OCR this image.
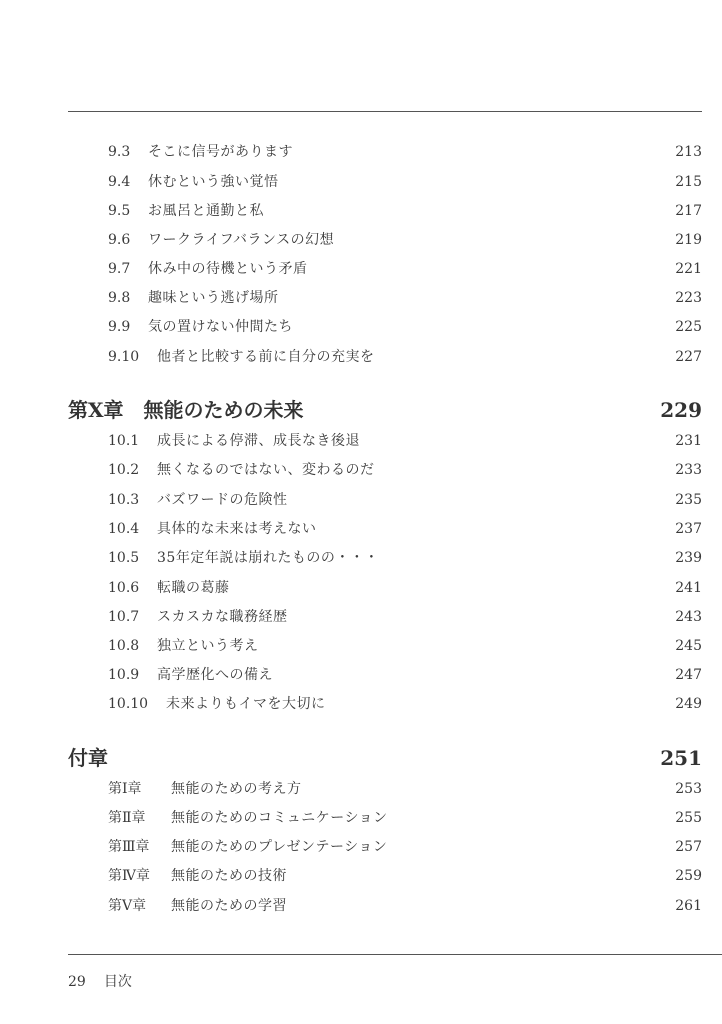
9.3 そこに信号があります	213
9.4 休むという強い覚悟	215
9.5 お風呂と通勤と私	217
9.6 ワークライフバランスの幻想	219
9.7 休み中の待機という矛盾	221
9.8 趣味という逃げ場所	223
9.9 気の置けない仲間たち	225
9.10 他者と比較する前に自分の充実を	227
第Ⅹ章　無能のための未来	229
10.1 成長による停滞、成長なき後退	231
10.2 無くなるのではない、変わるのだ	233
10.3 バズワードの危険性	235
10.4 具体的な未来は考えない	237
10.5 35年定年説は崩れたものの・・・	239
10.6 転職の葛藤	241
10.7 スカスカな職務経歴	243
10.8 独立という考え	245
10.9 高学歴化への備え	247
10.10 未来よりもイマを大切に	249
付章	251
第Ⅰ章 無能のための考え方	253
第Ⅱ章 無能のためのコミュニケーション	255
第Ⅲ章 無能のためのプレゼンテーション	257
第Ⅳ章 無能のための技術	259
第Ⅴ章 無能のための学習	261
29 目次
